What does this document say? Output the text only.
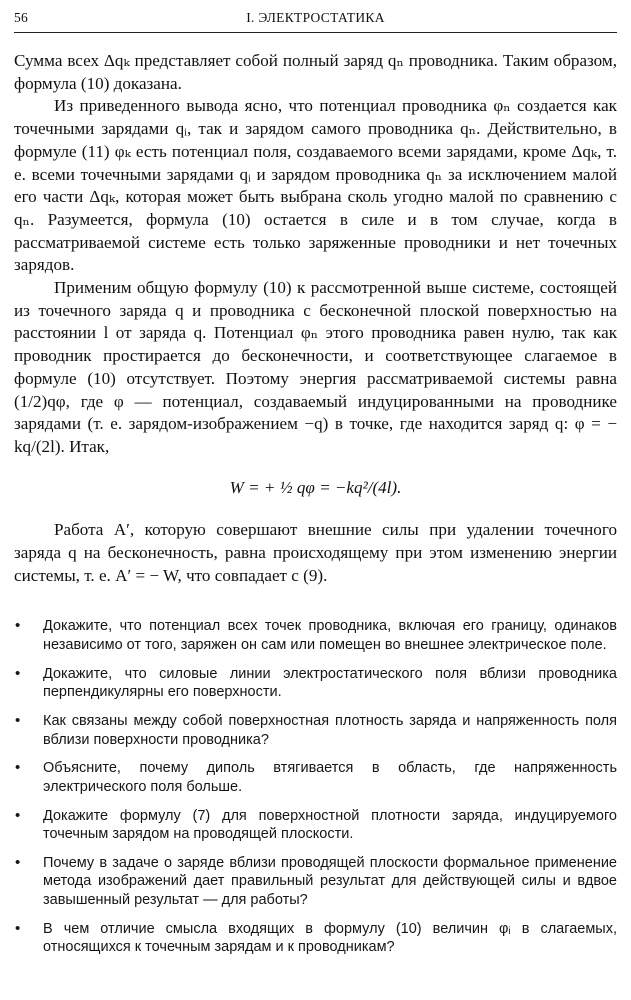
56	I. ЭЛЕКТРОСТАТИКА

Сумма всех Δqₖ представляет собой полный заряд qₙ проводника. Таким образом, формула (10) доказана.

Из приведенного вывода ясно, что потенциал проводника φₙ создается как точечными зарядами qᵢ, так и зарядом самого проводника qₙ. Действительно, в формуле (11) φₖ есть потенциал поля, создаваемого всеми зарядами, кроме Δqₖ, т. е. всеми точечными зарядами qᵢ и зарядом проводника qₙ за исключением малой его части Δqₖ, которая может быть выбрана сколь угодно малой по сравнению с qₙ. Разумеется, формула (10) остается в силе и в том случае, когда в рассматриваемой системе есть только заряженные проводники и нет точечных зарядов.

Применим общую формулу (10) к рассмотренной выше системе, состоящей из точечного заряда q и проводника с бесконечной плоской поверхностью на расстоянии l от заряда q. Потенциал φₙ этого проводника равен нулю, так как проводник простирается до бесконечности, и соответствующее слагаемое в формуле (10) отсутствует. Поэтому энергия рассматриваемой системы равна (1/2)qφ, где φ — потенциал, создаваемый индуцированными на проводнике зарядами (т. е. зарядом-изображением −q) в точке, где находится заряд q: φ = − kq/(2l). Итак,

W = + ½ qφ = −kq²/(4l).

Работа A′, которую совершают внешние силы при удалении точечного заряда q на бесконечность, равна происходящему при этом изменению энергии системы, т. е. A′ = − W, что совпадает с (9).

• Докажите, что потенциал всех точек проводника, включая его границу, одинаков независимо от того, заряжен он сам или помещен во внешнее электрическое поле.
• Докажите, что силовые линии электростатического поля вблизи проводника перпендикулярны его поверхности.
• Как связаны между собой поверхностная плотность заряда и напряженность поля вблизи поверхности проводника?
• Объясните, почему диполь втягивается в область, где напряженность электрического поля больше.
• Докажите формулу (7) для поверхностной плотности заряда, индуцируемого точечным зарядом на проводящей плоскости.
• Почему в задаче о заряде вблизи проводящей плоскости формальное применение метода изображений дает правильный результат для действующей силы и вдвое завышенный результат — для работы?
• В чем отличие смысла входящих в формулу (10) величин φᵢ в слагаемых, относящихся к точечным зарядам и к проводникам?
